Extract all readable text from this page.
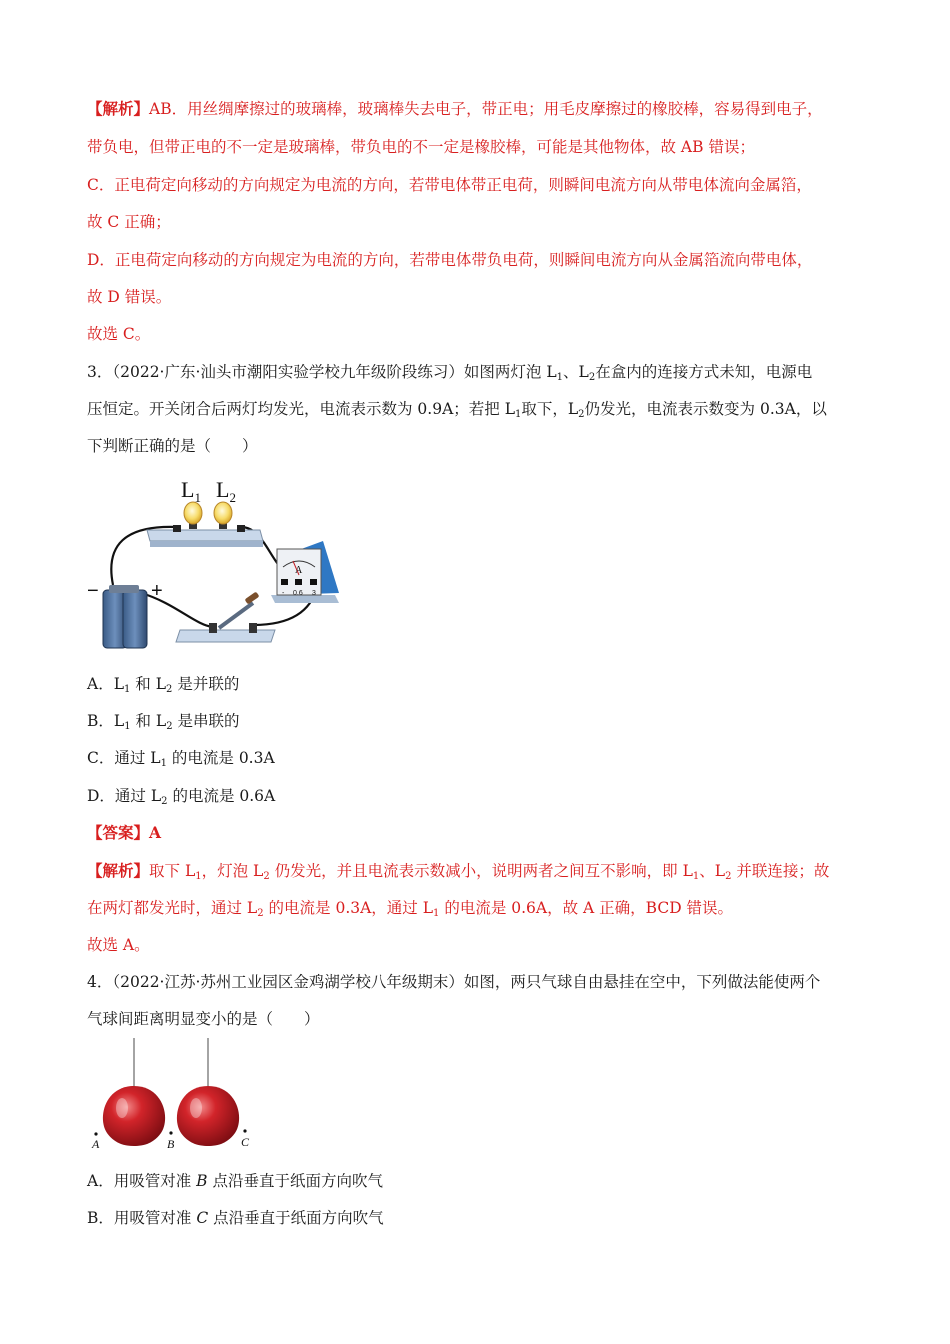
【解析】AB．用丝绸摩擦过的玻璃棒，玻璃棒失去电子，带正电；用毛皮摩擦过的橡胶棒，容易得到电子，
带负电，但带正电的不一定是玻璃棒，带负电的不一定是橡胶棒，可能是其他物体，故 AB 错误；
C．正电荷定向移动的方向规定为电流的方向，若带电体带正电荷，则瞬间电流方向从带电体流向金属箔，
故 C 正确；
D．正电荷定向移动的方向规定为电流的方向，若带电体带负电荷，则瞬间电流方向从金属箔流向带电体，
故 D 错误。
故选 C。
3．（2022·广东·汕头市潮阳实验学校九年级阶段练习）如图两灯泡 $L_1$、$L_2$在盒内的连接方式未知，电源电
压恒定。开关闭合后两灯均发光，电流表示数为 0.9A；若把 $L_1$取下，$L_2$仍发光，电流表示数变为 0.3A，以
下判断正确的是（　　）
$L_1$ $L_2$
−	+
A
- 0.6 3
A．$L_1$ 和 $L_2$ 是并联的
B．$L_1$ 和 $L_2$ 是串联的
C．通过 $L_1$ 的电流是 0.3A
D．通过 $L_2$ 的电流是 0.6A
【答案】A
【解析】取下 $L_1$，灯泡 $L_2$ 仍发光，并且电流表示数减小，说明两者之间互不影响，即 $L_1$、$L_2$ 并联连接；故
在两灯都发光时，通过 $L_2$ 的电流是 0.3A，通过 $L_1$ 的电流是 0.6A，故 A 正确，BCD 错误。
故选 A。
4．（2022·江苏·苏州工业园区金鸡湖学校八年级期末）如图，两只气球自由悬挂在空中，下列做法能使两个
气球间距离明显变小的是（　　）
A	B	C
A．用吸管对准 B 点沿垂直于纸面方向吹气
B．用吸管对准 C 点沿垂直于纸面方向吹气
